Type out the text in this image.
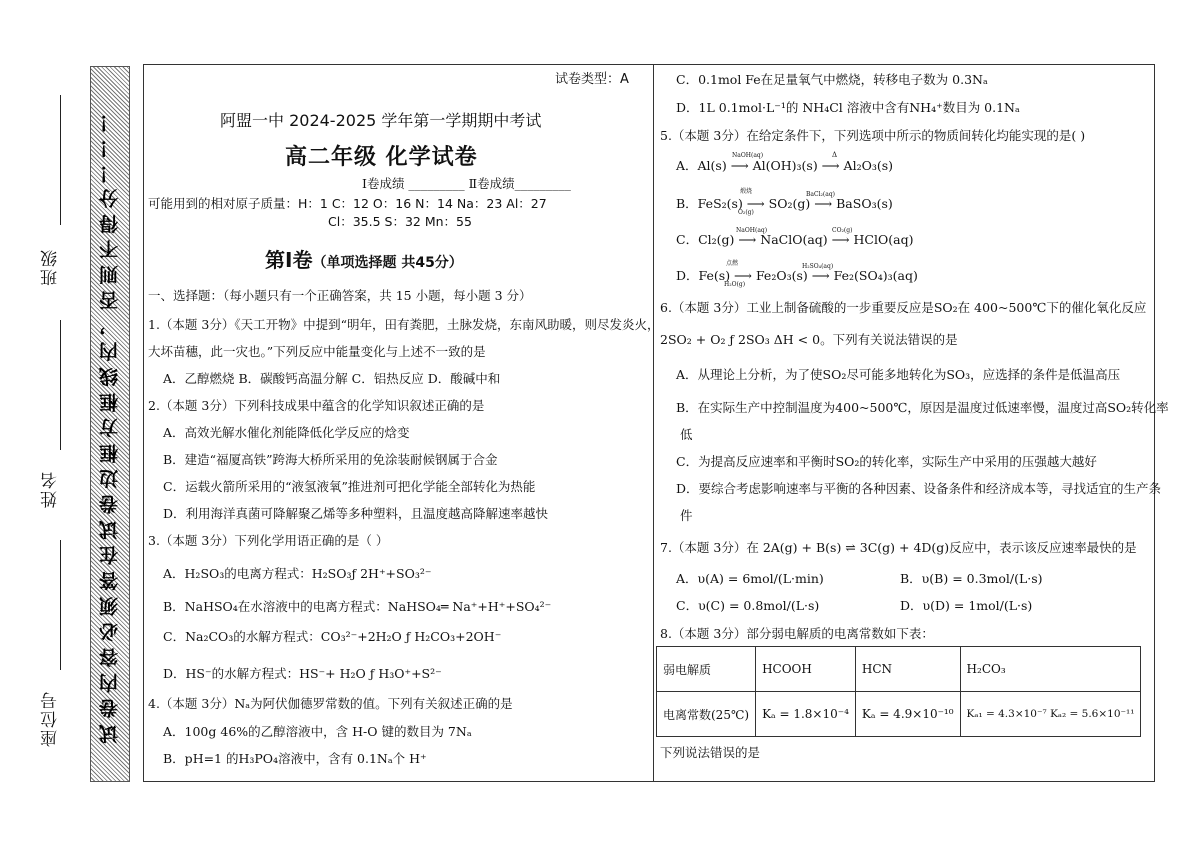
班级
姓名
座位号 试卷内容必须答在试卷边框方框线内，否则不得分！！！
试卷类型：A
阿盟一中 2024-2025 学年第一学期期中考试
高二年级 化学试卷
Ⅰ卷成绩 _________ Ⅱ卷成绩_________
可能用到的相对原子质量：H：1 C：12 O：16 N：14 Na：23 Al：27
Cl：35.5 S：32 Mn：55
第Ⅰ卷（单项选择题 共45分）
一、选择题：（每小题只有一个正确答案，共 15 小题，每小题 3 分）
1.（本题 3分）《天工开物》中提到“明年，田有粪肥，土脉发烧，东南风助暖，则尽发炎火，
大坏苗穗，此一灾也。”下列反应中能量变化与上述不一致的是
A．乙醇燃烧 B．碳酸钙高温分解 C．铝热反应 D．酸碱中和
2.（本题 3分）下列科技成果中蕴含的化学知识叙述正确的是
A．高效光解水催化剂能降低化学反应的焓变
B．建造“福厦高铁”跨海大桥所采用的免涂装耐候钢属于合金
C．运载火箭所采用的“液氢液氧”推进剂可把化学能全部转化为热能
D．利用海洋真菌可降解聚乙烯等多种塑料，且温度越高降解速率越快
3.（本题 3分）下列化学用语正确的是（ ）
A．H₂SO₃的电离方程式：H₂SO₃ƒ 2H⁺+SO₃²⁻
B．NaHSO₄在水溶液中的电离方程式：NaHSO₄═ Na⁺+H⁺+SO₄²⁻
C．Na₂CO₃的水解方程式：CO₃²⁻+2H₂O ƒ H₂CO₃+2OH⁻
D．HS⁻的水解方程式：HS⁻+ H₂O ƒ H₃O⁺+S²⁻
4.（本题 3分）Nₐ为阿伏伽德罗常数的值。下列有关叙述正确的是
A．100g 46%的乙醇溶液中，含 H-O 键的数目为 7Nₐ
B．pH=1 的H₃PO₄溶液中，含有 0.1Nₐ个 H⁺
C．0.1mol Fe在足量氧气中燃烧，转移电子数为 0.3Nₐ
D．1L 0.1mol·L⁻¹的 NH₄Cl 溶液中含有NH₄⁺数目为 0.1Nₐ
5.（本题 3分）在给定条件下，下列选项中所示的物质间转化均能实现的是( )
A．Al(s) ⟶ Al(OH)₃(s) ⟶ Al₂O₃(s)
NaOH(aq)	Δ
B．FeS₂(s) ⟶ SO₂(g) ⟶ BaSO₃(s)
煅烧
O₂(g)
BaCl₂(aq)
C．Cl₂(g) ⟶ NaClO(aq) ⟶ HClO(aq)
NaOH(aq)	CO₂(g)
D．Fe(s) ⟶ Fe₂O₃(s) ⟶ Fe₂(SO₄)₃(aq)
点燃
H₂O(g)
H₂SO₄(aq)
6.（本题 3分）工业上制备硫酸的一步重要反应是SO₂在 400~500℃下的催化氧化反应
2SO₂ + O₂ ƒ 2SO₃ ΔH < 0。下列有关说法错误的是
A．从理论上分析，为了使SO₂尽可能多地转化为SO₃，应选择的条件是低温高压
B．在实际生产中控制温度为400~500℃，原因是温度过低速率慢，温度过高SO₂转化率
低
C．为提高反应速率和平衡时SO₂的转化率，实际生产中采用的压强越大越好
D．要综合考虑影响速率与平衡的各种因素、设备条件和经济成本等，寻找适宜的生产条
件
7.（本题 3分）在 2A(g) + B(s) ⇌ 3C(g) + 4D(g)反应中，表示该反应速率最快的是
A．υ(A) = 6mol/(L·min)	B．υ(B) = 0.3mol/(L·s)
C．υ(C) = 0.8mol/(L·s)	D．υ(D) = 1mol/(L·s)
8.（本题 3分）部分弱电解质的电离常数如下表：
弱电解质	HCOOH	HCN	H₂CO₃
电离常数(25℃)	Kₐ = 1.8×10⁻⁴	Kₐ = 4.9×10⁻¹⁰	Kₐ₁ = 4.3×10⁻⁷ Kₐ₂ = 5.6×10⁻¹¹
下列说法错误的是
